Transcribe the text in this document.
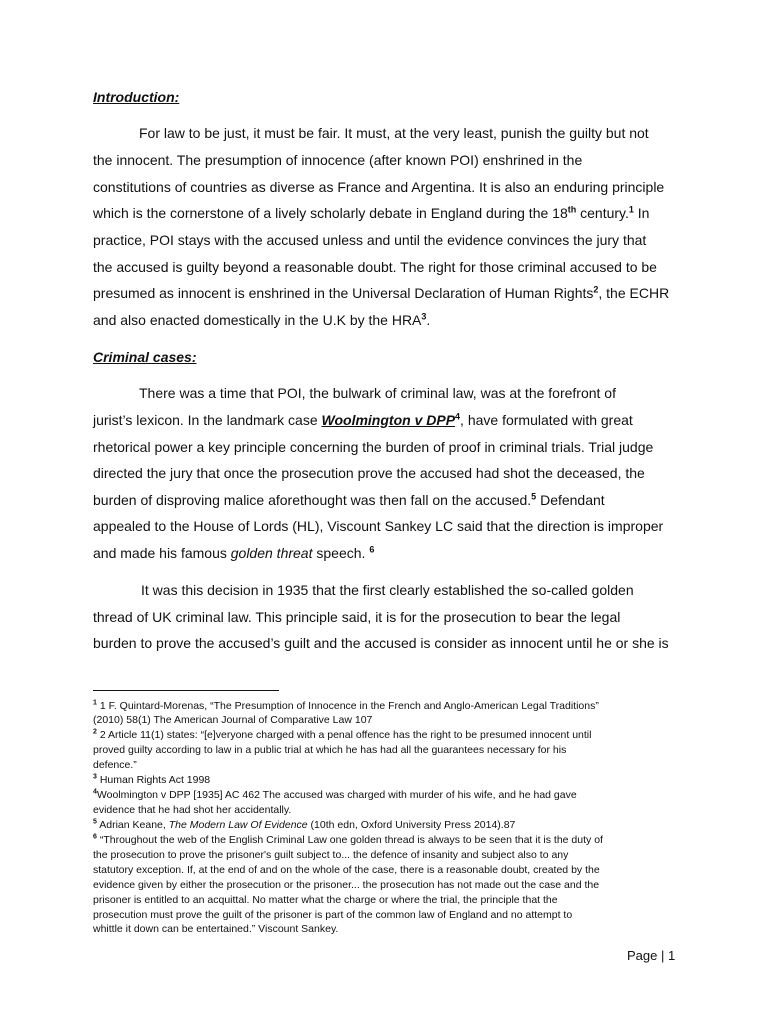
Introduction:

For law to be just, it must be fair. It must, at the very least, punish the guilty but not

the innocent. The presumption of innocence (after known POI) enshrined in the

constitutions of countries as diverse as France and Argentina. It is also an enduring principle

which is the cornerstone of a lively scholarly debate in England during the 18th century.$^1$ In

practice, POI stays with the accused unless and until the evidence convinces the jury that

the accused is guilty beyond a reasonable doubt. The right for those criminal accused to be

presumed as innocent is enshrined in the Universal Declaration of Human Rights$^2$, the ECHR

and also enacted domestically in the U.K by the HRA$^3$.

Criminal cases:

There was a time that POI, the bulwark of criminal law, was at the forefront of

jurist’s lexicon. In the landmark case Woolmington v DPP$^4$, have formulated with great

rhetorical power a key principle concerning the burden of proof in criminal trials. Trial judge

directed the jury that once the prosecution prove the accused had shot the deceased, the

burden of disproving malice aforethought was then fall on the accused.$^5$ Defendant

appealed to the House of Lords (HL), Viscount Sankey LC said that the direction is improper

and made his famous golden threat speech. $^6$

It was this decision in 1935 that the first clearly established the so-called golden

thread of UK criminal law. This principle said, it is for the prosecution to bear the legal

burden to prove the accused’s guilt and the accused is consider as innocent until he or she is

$^1$ 1 F. Quintard-Morenas, “The Presumption of Innocence in the French and Anglo-American Legal Traditions”

(2010) 58(1) The American Journal of Comparative Law 107

$^2$ 2 Article 11(1) states: “[e]veryone charged with a penal offence has the right to be presumed innocent until

proved guilty according to law in a public trial at which he has had all the guarantees necessary for his

defence.”

$^3$ Human Rights Act 1998

$^4$Woolmington v DPP [1935] AC 462 The accused was charged with murder of his wife, and he had gave

evidence that he had shot her accidentally.

$^5$ Adrian Keane, The Modern Law Of Evidence (10th edn, Oxford University Press 2014).87

$^6$ “Throughout the web of the English Criminal Law one golden thread is always to be seen that it is the duty of

the prosecution to prove the prisoner's guilt subject to... the defence of insanity and subject also to any

statutory exception. If, at the end of and on the whole of the case, there is a reasonable doubt, created by the

evidence given by either the prosecution or the prisoner... the prosecution has not made out the case and the

prisoner is entitled to an acquittal. No matter what the charge or where the trial, the principle that the

prosecution must prove the guilt of the prisoner is part of the common law of England and no attempt to

whittle it down can be entertained.” Viscount Sankey.

Page | 1
